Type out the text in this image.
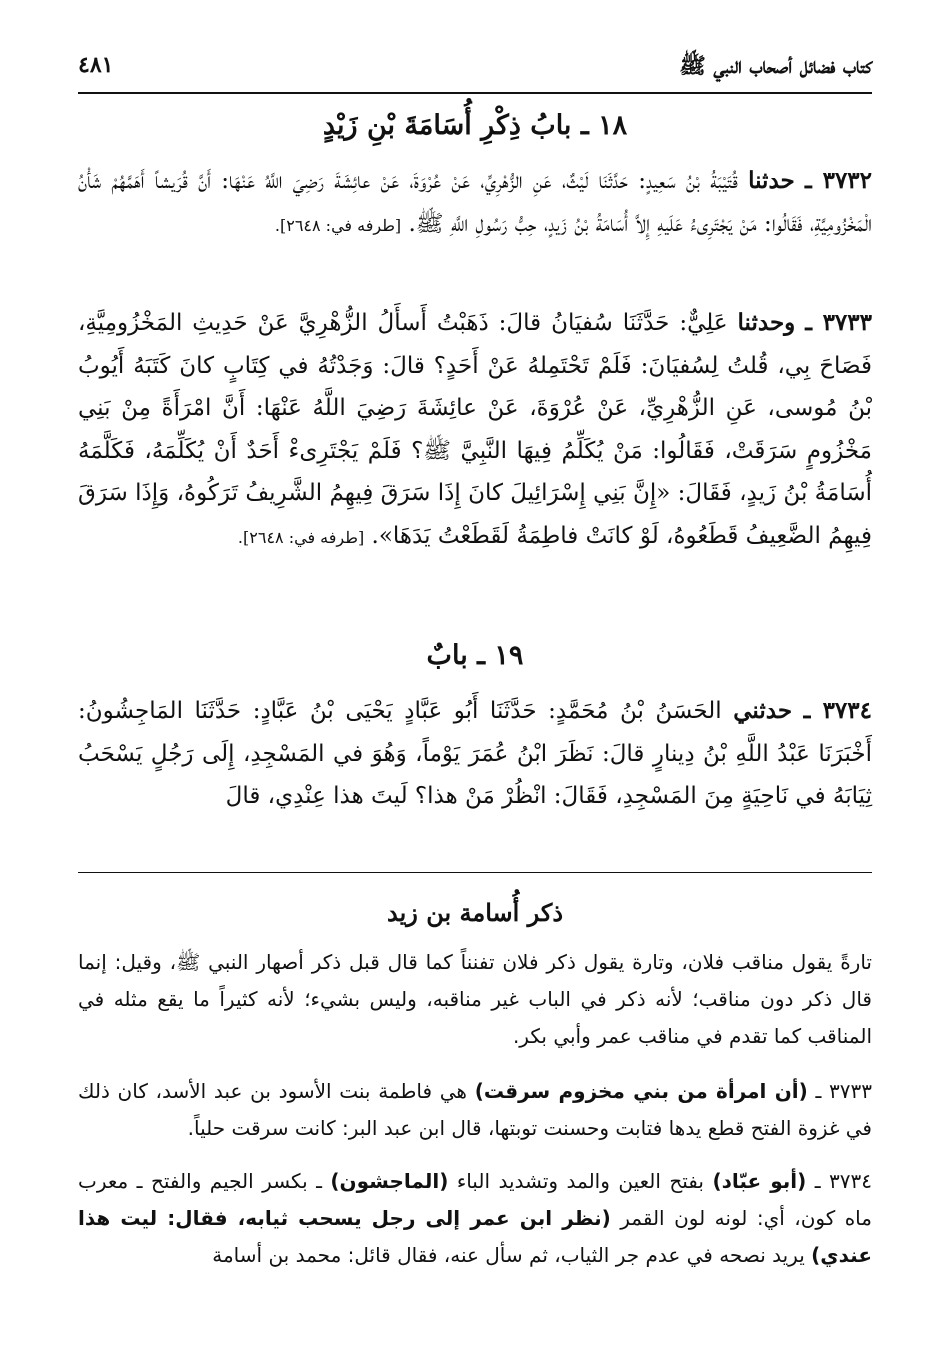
كتاب فضائل أصحاب النبي ﷺ
٤٨١
١٨ ـ بابُ ذِكْرِ أُسَامَةَ بْنِ زَيْدٍ

٣٧٣٢ ـ حدثنا قُتَيْبَةُ بْنُ سَعِيدٍ: حَدَّثَنَا لَيْثٌ، عَنِ الزُّهْرِيِّ، عَنْ عُرْوَةَ، عَنْ عائِشَةَ رَضِيَ اللَّهُ عَنْهَا: أَنَّ قُرَيشاً أَهَمَّهُمْ شَأْنُ الْمَخْزُومِيَّةِ، فَقَالُوا: مَنْ يَجْتَرِىءُ عَلَيهِ إِلاَّ أُسَامَةُ بْنُ زَيدٍ، حِبُّ رَسُولِ اللَّهِ ﷺ. [طرفه في: ٢٦٤٨].

٣٧٣٣ ـ وحدثنا عَلِيٌّ: حَدَّثَنَا سُفيَانُ قالَ: ذَهَبْتُ أَسأَلُ الزُّهْرِيَّ عَنْ حَدِيثِ المَخْزُومِيَّةِ، فَصَاحَ بِي، قُلتُ لِسُفيَانَ: فَلَمْ تَحْتَمِلهُ عَنْ أَحَدٍ؟ قالَ: وَجَدْتُهُ في كِتَابٍ كانَ كَتَبَهُ أَيُوبُ بْنُ مُوسى، عَنِ الزُّهْرِيِّ، عَنْ عُرْوَةَ، عَنْ عائِشَةَ رَضِيَ اللَّهُ عَنْهَا: أَنَّ امْرَأَةً مِنْ بَنِي مَخْزُومٍ سَرَقَتْ، فَقَالُوا: مَنْ يُكَلِّمُ فِيهَا النَّبِيَّ ﷺ؟ فَلَمْ يَجْتَرِىءْ أَحَدٌ أَنْ يُكَلِّمَهُ، فَكَلَّمَهُ أُسَامَةُ بْنُ زَيدٍ، فَقَالَ: «إِنَّ بَنِي إِسْرَائِيلَ كانَ إِذَا سَرَقَ فِيهِمُ الشَّرِيفُ تَرَكُوهُ، وَإِذَا سَرَقَ فِيهِمُ الضَّعِيفُ قَطَعُوهُ، لَوْ كانَتْ فاطِمَةُ لَقَطَعْتُ يَدَهَا». [طرفه في: ٢٦٤٨].

١٩ ـ بابٌ

٣٧٣٤ ـ حدثني الحَسَنُ بْنُ مُحَمَّدٍ: حَدَّثَنَا أَبُو عَبَّادٍ يَحْيَى بْنُ عَبَّادٍ: حَدَّثَنَا المَاجِشُونُ: أَخْبَرَنَا عَبْدُ اللَّهِ بْنُ دِينارٍ قالَ: نَظَرَ ابْنُ عُمَرَ يَوْماً، وَهُوَ في المَسْجِدِ، إِلَى رَجُلٍ يَسْحَبُ ثِيَابَهُ في نَاحِيَةٍ مِنَ المَسْجِدِ، فَقَالَ: انْظُرْ مَنْ هذا؟ لَيتَ هذا عِنْدِي، قالَ

ذكر أُسامة بن زيد

تارةً يقول مناقب فلان، وتارة يقول ذكر فلان تفنناً كما قال قبل ذكر أصهار النبي ﷺ، وقيل: إنما قال ذكر دون مناقب؛ لأنه ذكر في الباب غير مناقبه، وليس بشيء؛ لأنه كثيراً ما يقع مثله في المناقب كما تقدم في مناقب عمر وأبي بكر.

٣٧٣٣ ـ (أن امرأة من بني مخزوم سرقت) هي فاطمة بنت الأسود بن عبد الأسد، كان ذلك في غزوة الفتح قطع يدها فتابت وحسنت توبتها، قال ابن عبد البر: كانت سرقت حلياً.

٣٧٣٤ ـ (أبو عبّاد) بفتح العين والمد وتشديد الباء (الماجشون) ـ بكسر الجيم والفتح ـ معرب ماه كون، أي: لونه لون القمر (نظر ابن عمر إلى رجل يسحب ثيابه، فقال: ليت هذا عندي) يريد نصحه في عدم جر الثياب، ثم سأل عنه، فقال قائل: محمد بن أسامة
